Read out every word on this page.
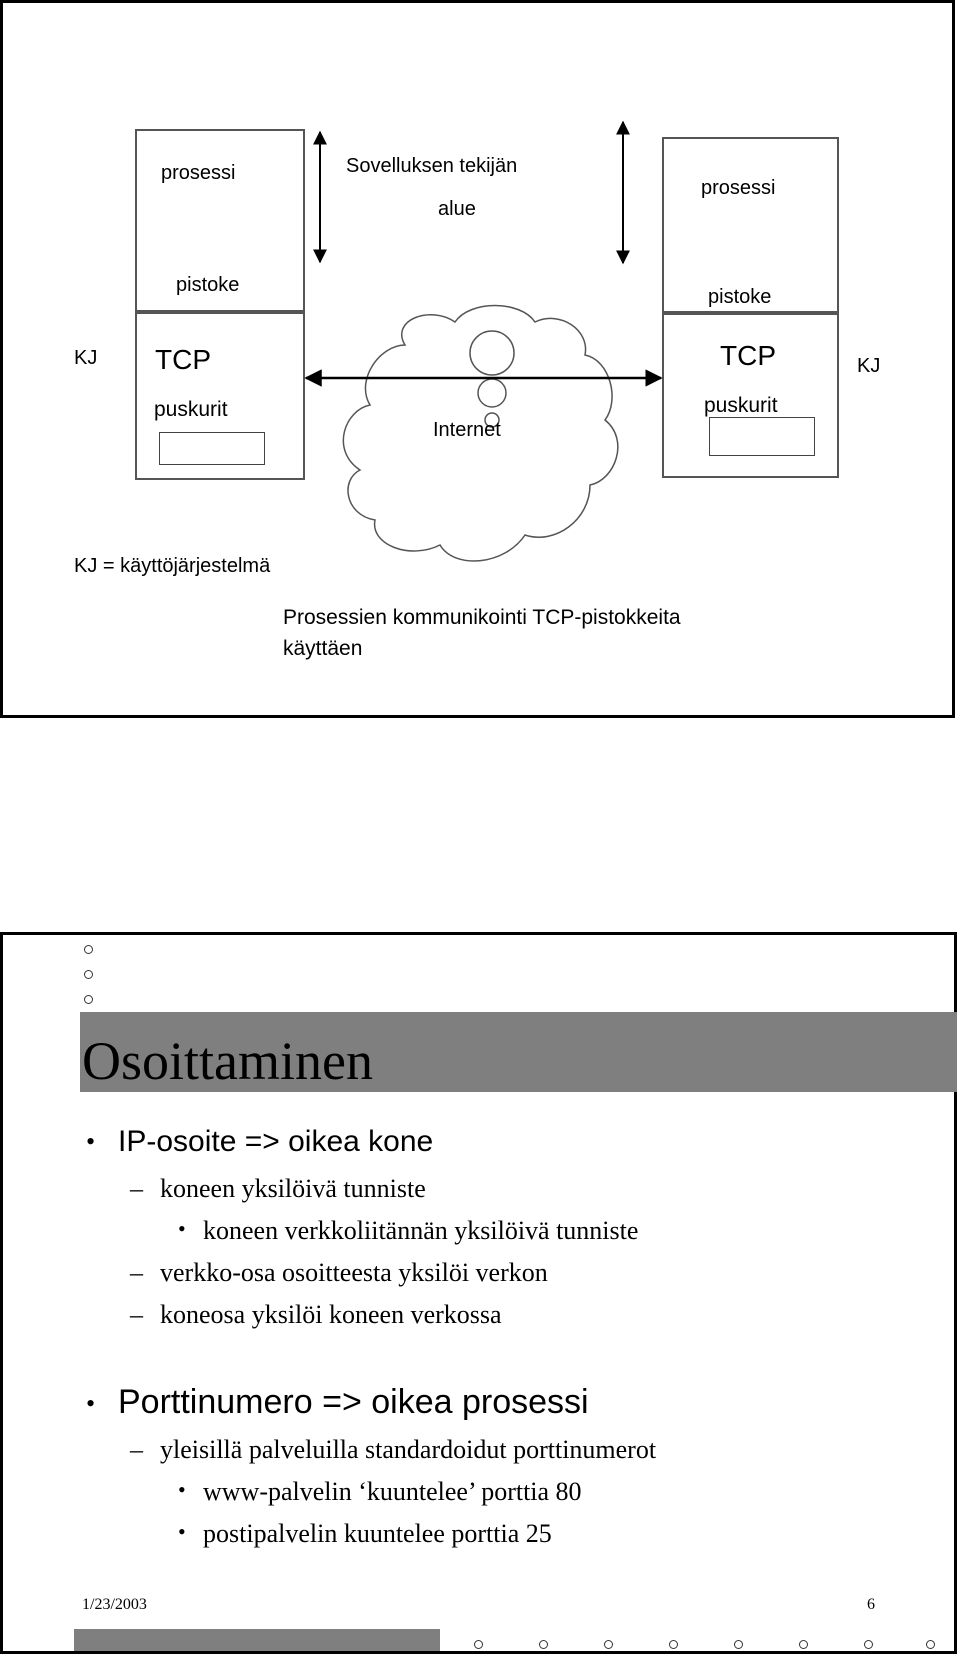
prosessi
pistoke
prosessi
pistoke
TCP
puskurit
TCP
puskurit
KJ	KJ
Sovelluksen tekijän
alue
Internet
KJ = käyttöjärjestelmä
Prosessien kommunikointi TCP-pistokkeita
käyttäen
Osoittaminen
• IP-osoite => oikea kone
– koneen yksilöivä tunniste
• koneen verkkoliitännän yksilöivä tunniste
– verkko-osa osoitteesta yksilöi verkon
– koneosa yksilöi koneen verkossa
• Porttinumero => oikea prosessi
– yleisillä palveluilla standardoidut porttinumerot
• www-palvelin ‘kuuntelee’ porttia 80
• postipalvelin kuuntelee porttia 25
1/23/2003	6
